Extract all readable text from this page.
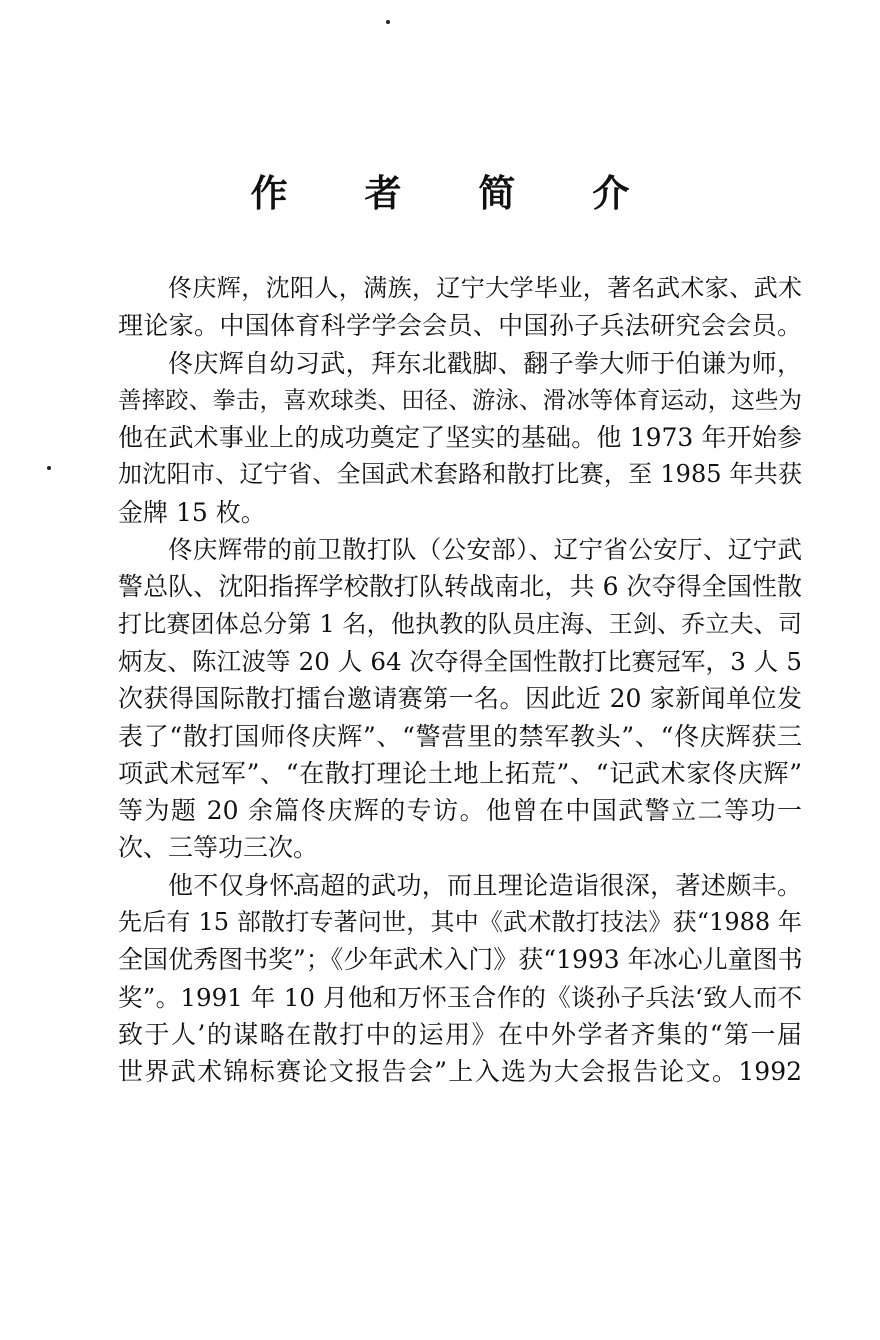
作 者 简 介
佟庆辉，沈阳人，满族，辽宁大学毕业，著名武术家、武术
理论家。中国体育科学学会会员、中国孙子兵法研究会会员。
佟庆辉自幼习武，拜东北戳脚、翻子拳大师于伯谦为师，
善摔跤、拳击，喜欢球类、田径、游泳、滑冰等体育运动，这些为
他在武术事业上的成功奠定了坚实的基础。他 1973 年开始参
加沈阳市、辽宁省、全国武术套路和散打比赛，至 1985 年共获
金牌 15 枚。
佟庆辉带的前卫散打队（公安部）、辽宁省公安厅、辽宁武
警总队、沈阳指挥学校散打队转战南北，共 6 次夺得全国性散
打比赛团体总分第 1 名，他执教的队员庄海、王剑、乔立夫、司
炳友、陈江波等 20 人 64 次夺得全国性散打比赛冠军，3 人 5
次获得国际散打擂台邀请赛第一名。因此近 20 家新闻单位发
表了“散打国师佟庆辉”、“警营里的禁军教头”、“佟庆辉获三
项武术冠军”、“在散打理论土地上拓荒”、“记武术家佟庆辉”
等为题 20 余篇佟庆辉的专访。他曾在中国武警立二等功一
次、三等功三次。
他不仅身怀高超的武功，而且理论造诣很深，著述颇丰。
先后有 15 部散打专著问世，其中《武术散打技法》获“1988 年
全国优秀图书奖”；《少年武术入门》获“1993 年冰心儿童图书
奖”。1991 年 10 月他和万怀玉合作的《谈孙子兵法‘致人而不
致于人’的谋略在散打中的运用》在中外学者齐集的“第一届
世界武术锦标赛论文报告会”上入选为大会报告论文。1992
